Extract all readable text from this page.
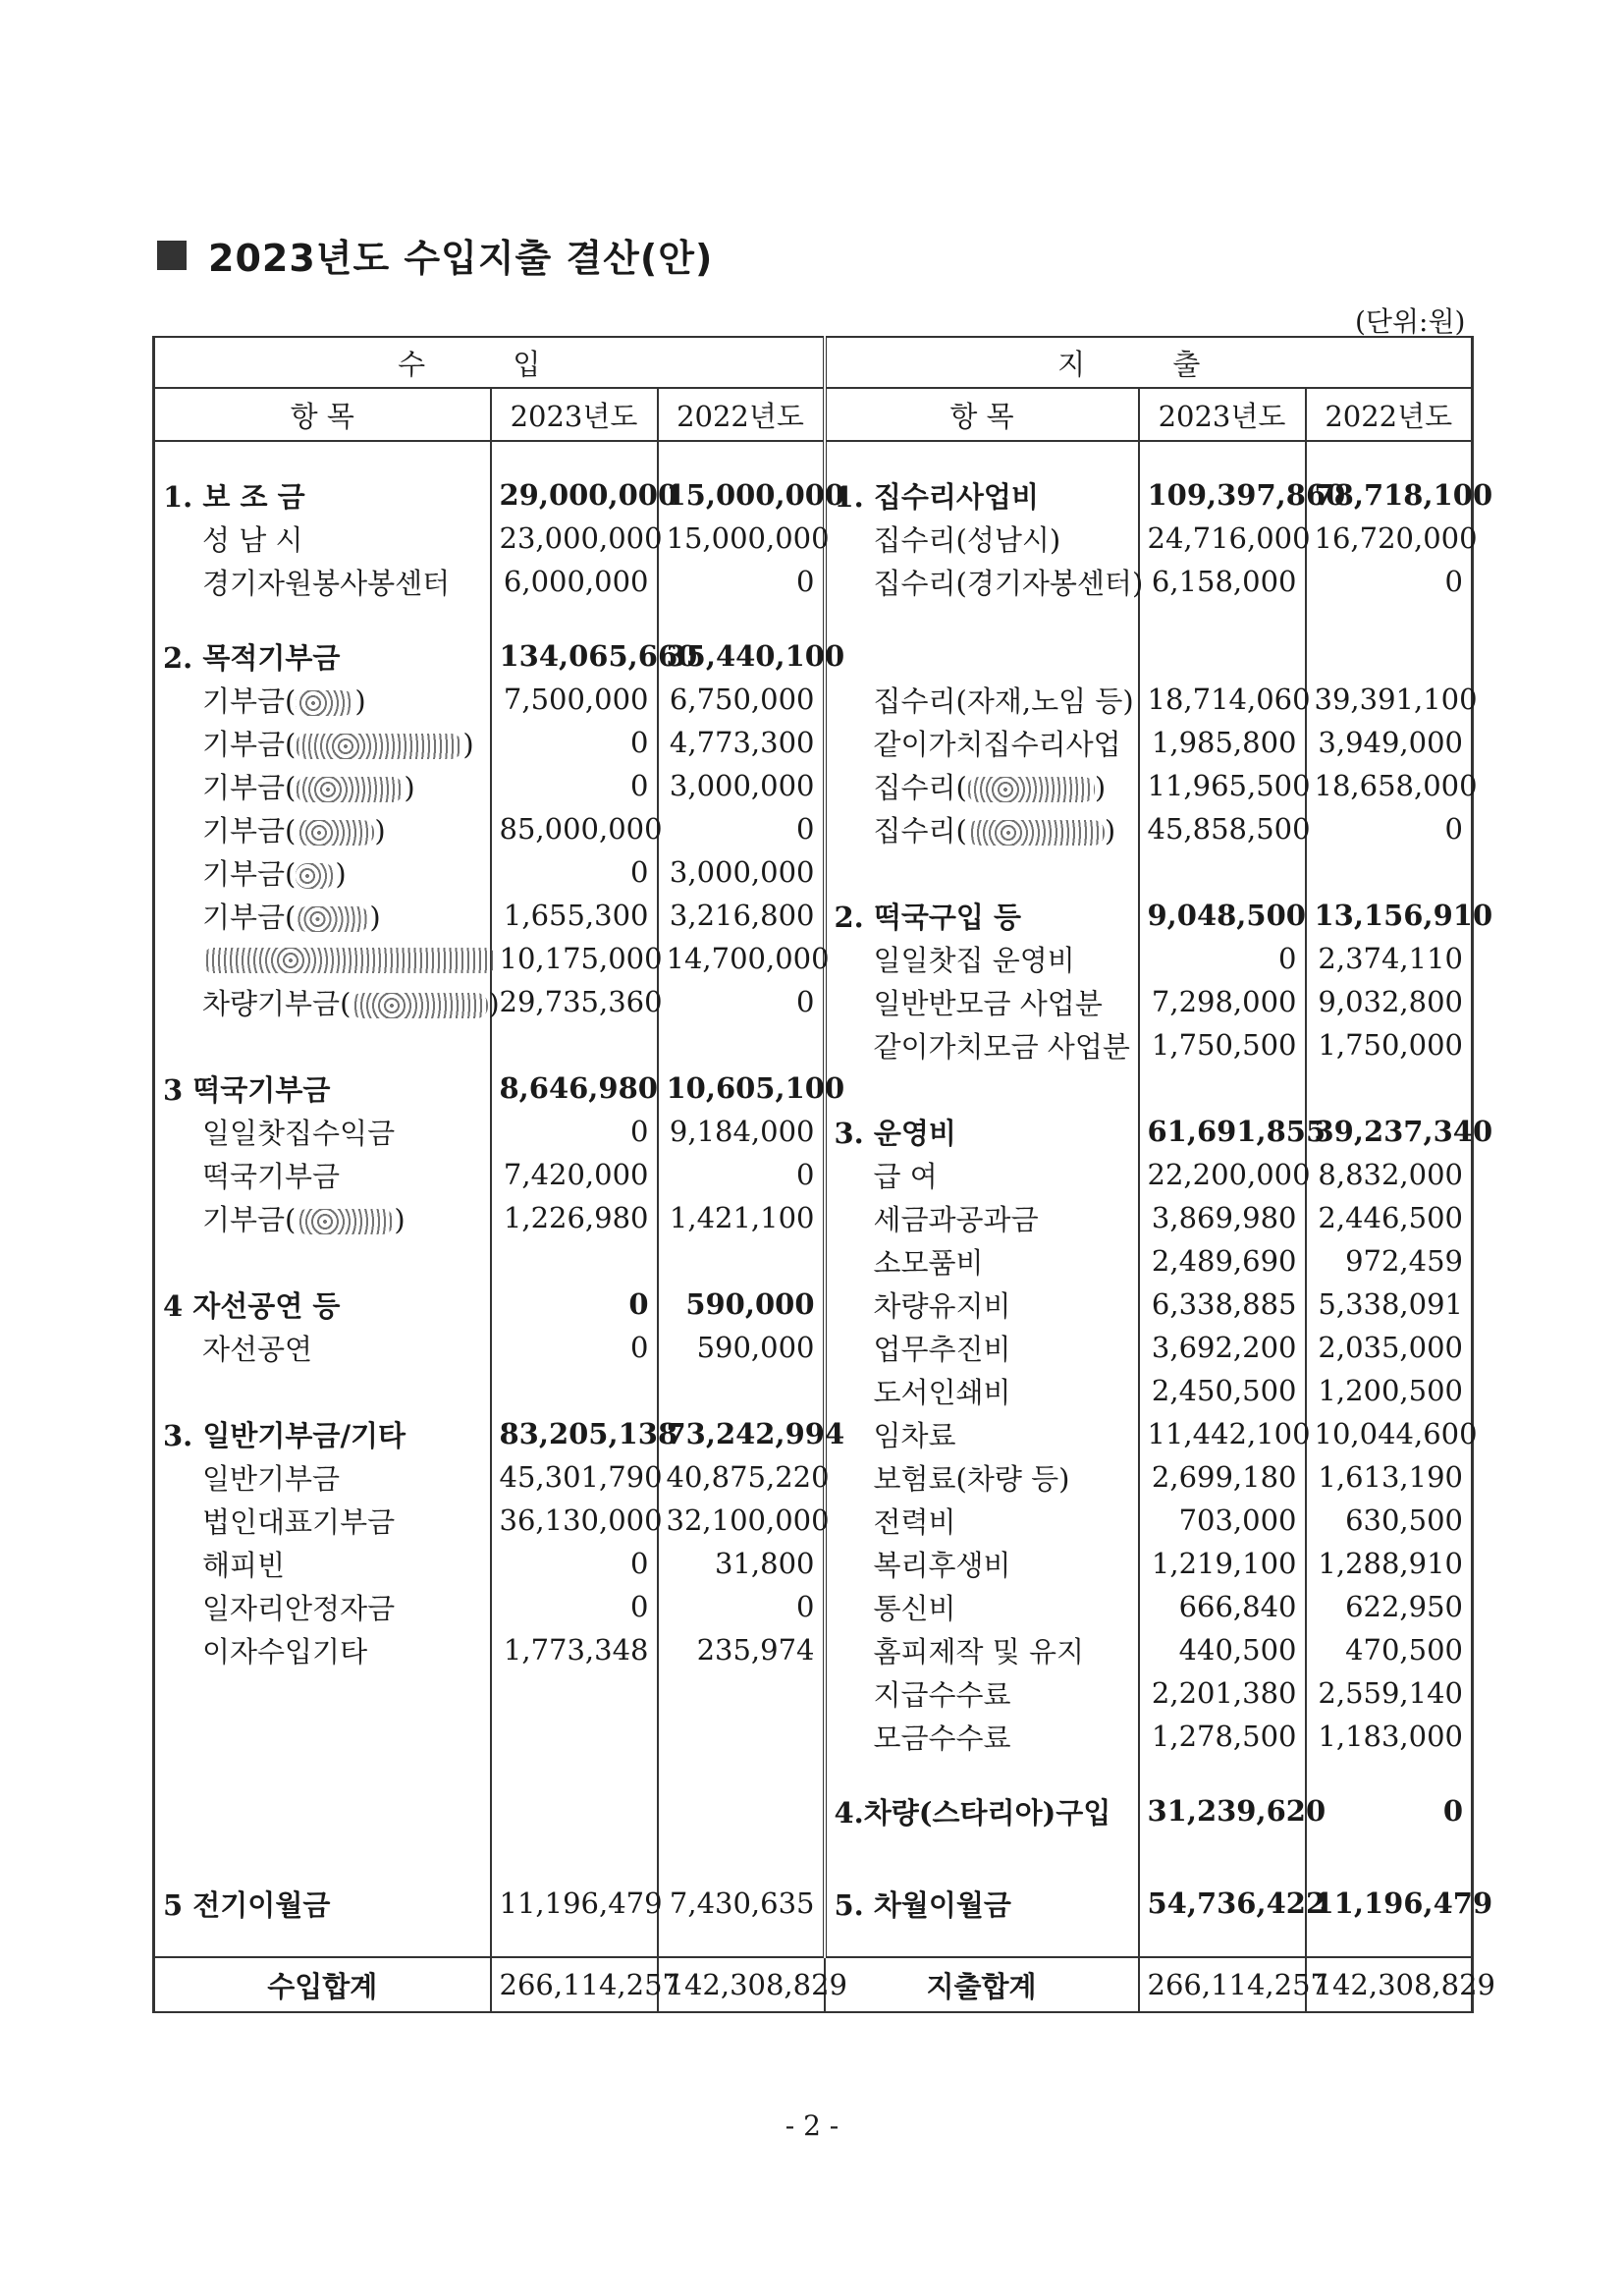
2023년도 수입지출 결산(안)
(단위:원)
수 입			지 출		
항 목	2023년도	2022년도	항 목	2023년도	2022년도

1. 보 조 금	29,000,000	15,000,000	1. 집수리사업비	109,397,860	78,718,100
성 남 시	23,000,000	15,000,000	집수리(성남시)	24,716,000	16,720,000
경기자원봉사봉센터	6,000,000	0	집수리(경기자봉센터)	6,158,000	0

2. 목적기부금	134,065,660	35,440,100			
기부금( )	7,500,000	6,750,000	집수리(자재,노임 등)	18,714,060	39,391,100
기부금( )	0	4,773,300	같이가치집수리사업	1,985,800	3,949,000
기부금( )	0	3,000,000	집수리( )	11,965,500	18,658,000
기부금( )	85,000,000	0	집수리( )	45,858,500	0
기부금( )	0	3,000,000			
기부금( )	1,655,300	3,216,800	2. 떡국구입 등	9,048,500	13,156,910
	10,175,000	14,700,000	일일찻집 운영비	0	2,374,110
차량기부금( )	29,735,360	0	일반반모금 사업분	7,298,000	9,032,800
			같이가치모금 사업분	1,750,500	1,750,000
3 떡국기부금	8,646,980	10,605,100			
일일찻집수익금	0	9,184,000	3. 운영비	61,691,855	39,237,340
떡국기부금	7,420,000	0	급 여	22,200,000	8,832,000
기부금( )	1,226,980	1,421,100	세금과공과금	3,869,980	2,446,500
			소모품비	2,489,690	972,459
4 자선공연 등	0	590,000	차량유지비	6,338,885	5,338,091
자선공연	0	590,000	업무추진비	3,692,200	2,035,000
			도서인쇄비	2,450,500	1,200,500
3. 일반기부금/기타	83,205,138	73,242,994	임차료	11,442,100	10,044,600
일반기부금	45,301,790	40,875,220	보험료(차량 등)	2,699,180	1,613,190
법인대표기부금	36,130,000	32,100,000	전력비	703,000	630,500
해피빈	0	31,800	복리후생비	1,219,100	1,288,910
일자리안정자금	0	0	통신비	666,840	622,950
이자수입기타	1,773,348	235,974	홈피제작 및 유지	440,500	470,500
			지급수수료	2,201,380	2,559,140
			모금수수료	1,278,500	1,183,000

			4.차량(스타리아)구입	31,239,620	0

5 전기이월금	11,196,479	7,430,635	5. 차월이월금	54,736,422	11,196,479

수입합계	266,114,257	142,308,829	지출합계	266,114,257	142,308,829
- 2 -
